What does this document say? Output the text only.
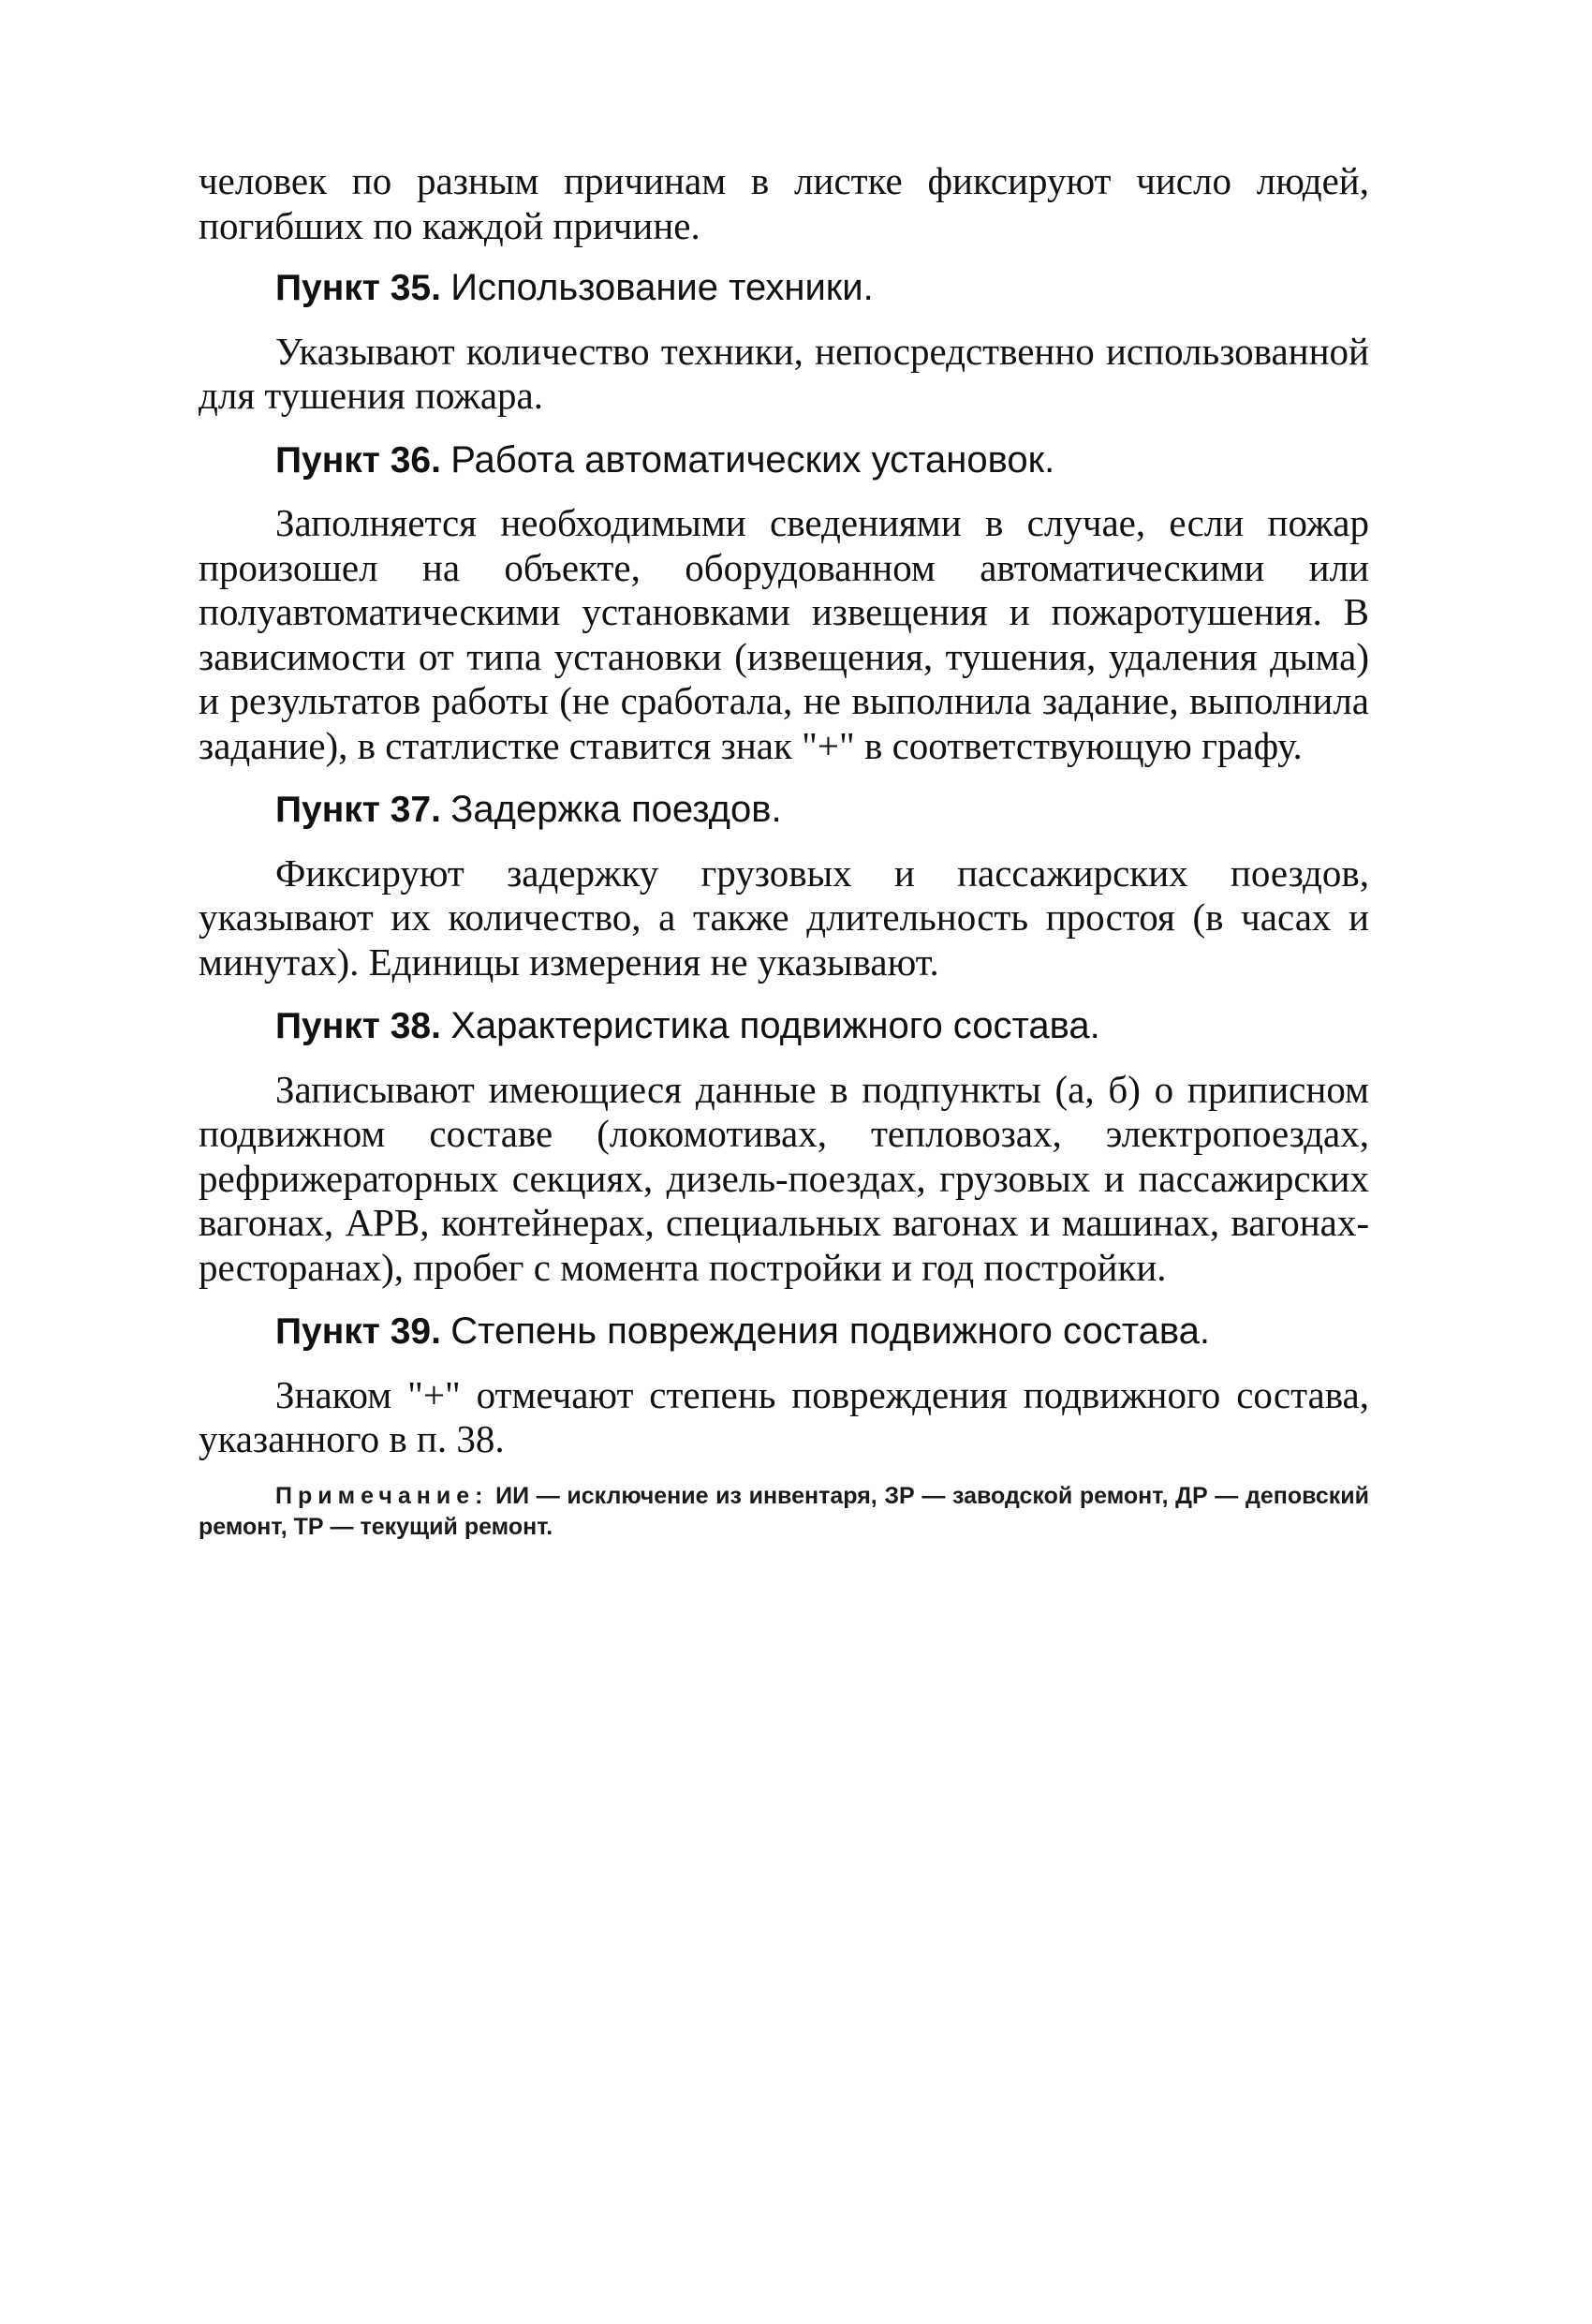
человек по разным причинам в листке фиксируют число людей, погибших по каждой причине.

Пункт 35. Использование техники.

Указывают количество техники, непосредственно использованной для тушения пожара.

Пункт 36. Работа автоматических установок.

Заполняется необходимыми сведениями в случае, если пожар произошел на объекте, оборудованном автоматическими или полуавтоматическими установками извещения и пожаротушения. В зависимости от типа установки (извещения, тушения, удаления дыма) и результатов работы (не сработала, не выполнила задание, выполнила задание), в статлистке ставится знак "+" в соответствующую графу.

Пункт 37. Задержка поездов.

Фиксируют задержку грузовых и пассажирских поездов, указывают их количество, а также длительность простоя (в часах и минутах). Единицы измерения не указывают.

Пункт 38. Характеристика подвижного состава.

Записывают имеющиеся данные в подпункты (а, б) о приписном подвижном составе (локомотивах, тепловозах, электропоездах, рефрижераторных секциях, дизель-поездах, грузовых и пассажирских вагонах, АРВ, контейнерах, специальных вагонах и машинах, вагонах-ресторанах), пробег с момента постройки и год постройки.

Пункт 39. Степень повреждения подвижного состава.

Знаком "+" отмечают степень повреждения подвижного состава, указанного в п. 38.

Примечание: ИИ — исключение из инвентаря, ЗР — заводской ремонт, ДР — деповский ремонт, ТР — текущий ремонт.
